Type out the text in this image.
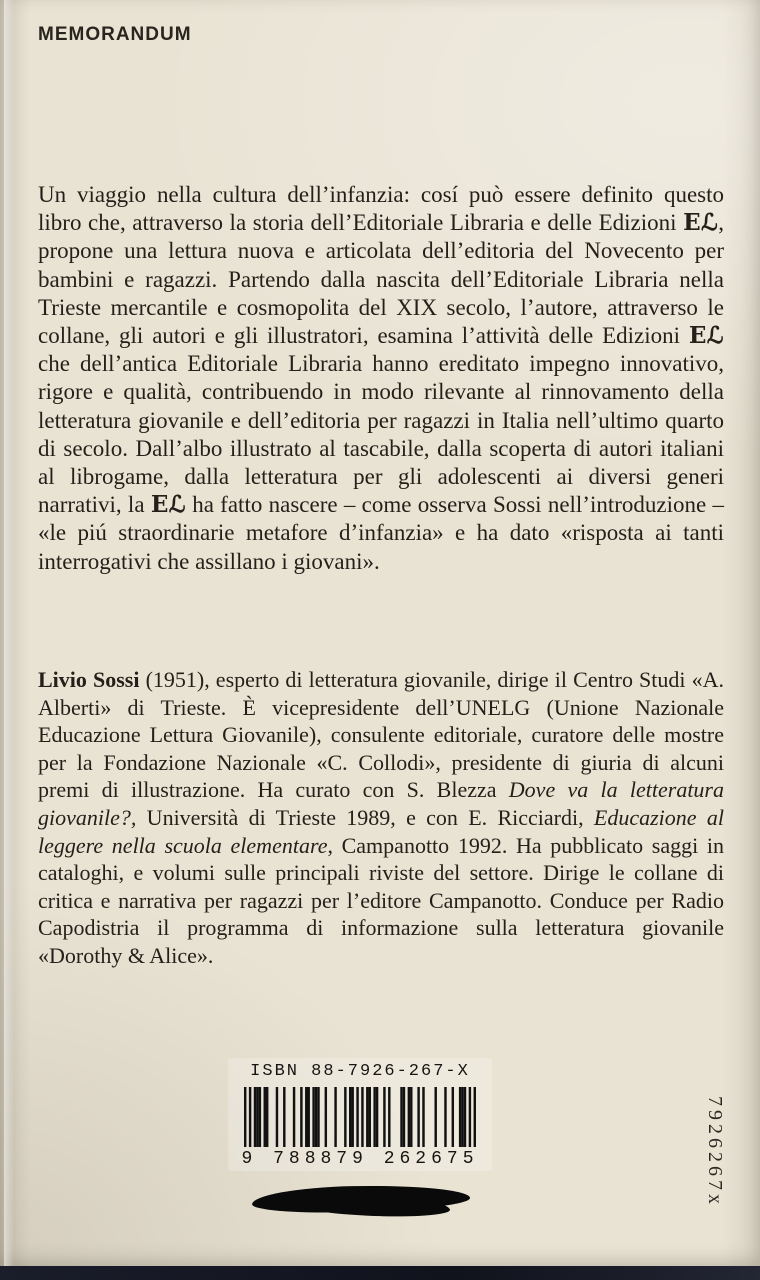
MEMORANDUM

Un viaggio nella cultura dell’infanzia: cosí può essere definito questo libro che, attraverso la storia dell’Editoriale Libraria e delle Edizioni Eℒ, propone una lettura nuova e articolata dell’editoria del Novecento per bambini e ragazzi. Partendo dalla nascita dell’Editoriale Libraria nella Trieste mercantile e cosmopolita del XIX secolo, l’autore, attraverso le collane, gli autori e gli illustratori, esamina l’attività delle Edizioni Eℒ che dell’antica Editoriale Libraria hanno ereditato impegno innovativo, rigore e qualità, contribuendo in modo rilevante al rinnovamento della letteratura giovanile e dell’editoria per ragazzi in Italia nell’ultimo quarto di secolo. Dall’albo illustrato al tascabile, dalla scoperta di autori italiani al librogame, dalla letteratura per gli adolescenti ai diversi generi narrativi, la Eℒ ha fatto nascere – come osserva Sossi nell’introduzione – «le piú straordinarie metafore d’infanzia» e ha dato «risposta ai tanti interrogativi che assillano i giovani».

Livio Sossi (1951), esperto di letteratura giovanile, dirige il Centro Studi «A. Alberti» di Trieste. È vicepresidente dell’UNELG (Unione Nazionale Educazione Lettura Giovanile), consulente editoriale, curatore delle mostre per la Fondazione Nazionale «C. Collodi», presidente di giuria di alcuni premi di illustrazione. Ha curato con S. Blezza Dove va la letteratura giovanile?, Università di Trieste 1989, e con E. Ricciardi, Educazione al leggere nella scuola elementare, Campanotto 1992. Ha pubblicato saggi in cataloghi, e volumi sulle principali riviste del settore. Dirige le collane di critica e narrativa per ragazzi per l’editore Campanotto. Conduce per Radio Capodistria il programma di informazione sulla letteratura giovanile «Dorothy & Alice».

ISBN 88-7926-267-X
9 788879 262675	7926267x
